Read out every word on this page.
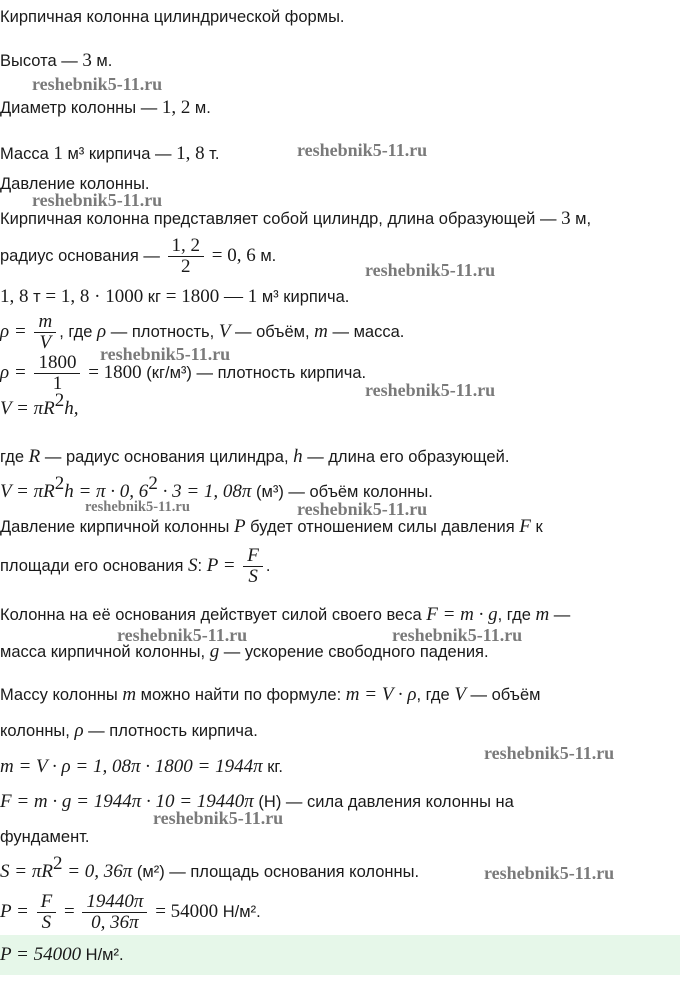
Кирпичная колонна цилиндрической формы.
Высота — 3 м.
Диаметр колонны — 1, 2 м.
Масса 1 м³ кирпича — 1, 8 т.
Давление колонны.
Кирпичная колонна представляет собой цилиндр, длина образующей — 3 м,
радиус основания — $\frac{1, 2}{2} = 0$, 6 м.
1, 8 т = 1, 8 · 1000 кг = 1800 — 1 м³ кирпича.
$\rho = \frac{m}{V}$ , где ρ — плотность, V — объём, m — масса.
$\rho = \frac{1800}{1} = 1800$ (кг/м³) — плотность кирпича.
$V = \pi R^2h$,
где R — радиус основания цилиндра, h — длина его образующей.
$V = \pi R^2h = \pi \cdot 0$, $6^2 \cdot 3 = 1$, 08π (м³) — объём колонны.
Давление кирпичной колонны P будет отношением силы давления F к
площади его основания S: $P = \frac{F}{S}$ .
Колонна на её основания действует силой своего веса F = m · g, где m —
масса кирпичной колонны, g — ускорение свободного падения.
Массу колонны m можно найти по формуле: m = V · ρ, где V — объём
колонны, ρ — плотность кирпича.
m = V · ρ = 1, 08π · 1800 = 1944π кг.
F = m · g = 1944π · 10 = 19440π (Н) — сила давления колонны на
фундамент.
$S = \pi R^2 = 0$, 36π (м²) — площадь основания колонны.
$P = \frac{F}{S} = \frac{19440\pi}{0, 36\pi} = 54000$ Н/м².
P = 54000 Н/м².
reshebnik5-11.ru
reshebnik5-11.ru
reshebnik5-11.ru
reshebnik5-11.ru
reshebnik5-11.ru
reshebnik5-11.ru
reshebnik5-11.ru	reshebnik5-11.ru
reshebnik5-11.ru	reshebnik5-11.ru
reshebnik5-11.ru
reshebnik5-11.ru
reshebnik5-11.ru
